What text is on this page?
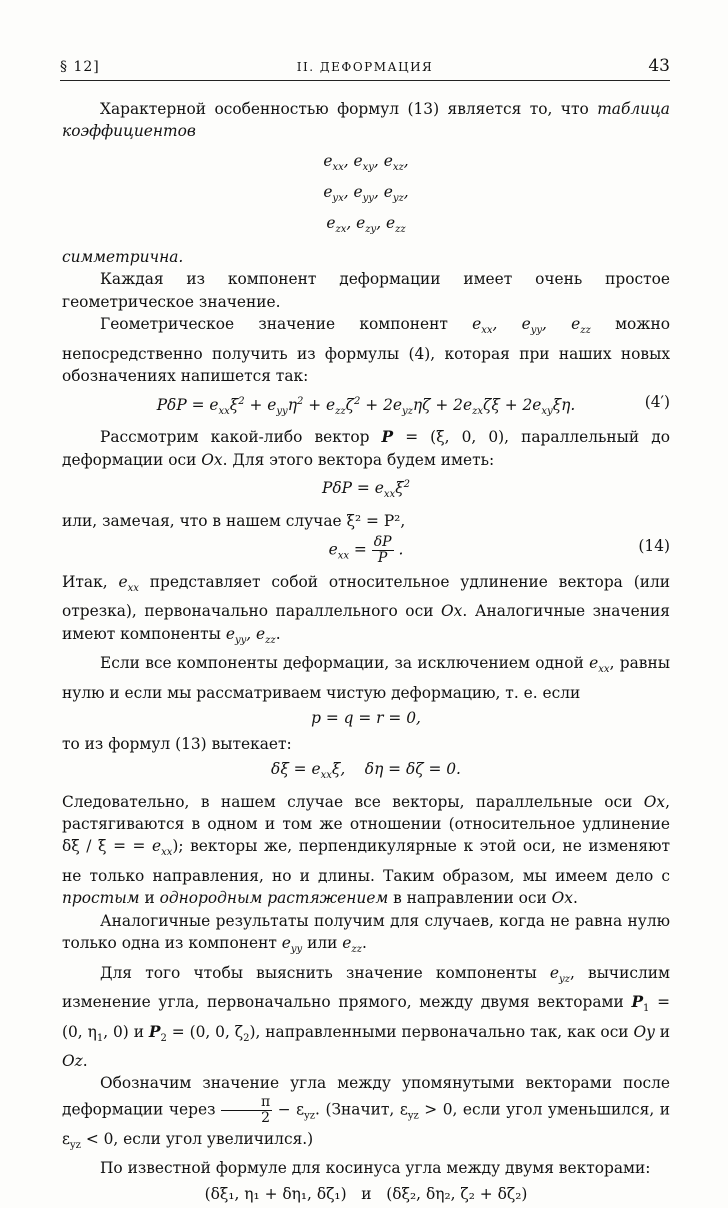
§ 12]	II. ДЕФОРМАЦИЯ	43

Характерной особенностью формул (13) является то, что таблица коэффициентов

$e_{xx}$, $e_{xy}$, $e_{xz}$,
$e_{yx}$, $e_{yy}$, $e_{yz}$,
$e_{zx}$, $e_{zy}$, $e_{zz}$

симметрична.

Каждая из компонент деформации имеет очень простое геометрическое значение.

Геометрическое значение компонент $e_{xx}$, $e_{yy}$, $e_{zz}$ можно непосредственно получить из формулы (4), которая при наших новых обозначениях напишется так:

$P\delta P = e_{xx}\xi^2 + e_{yy}\eta^2 + e_{zz}\zeta^2 + 2e_{yz}\eta\zeta + 2e_{zx}\zeta\xi + 2e_{xy}\xi\eta$.	(4′)

Рассмотрим какой-либо вектор P = (ξ, 0, 0), параллельный до деформации оси Ox. Для этого вектора будем иметь:

$P\delta P = e_{xx}\xi^2$

или, замечая, что в нашем случае ξ² = P²,

$e_{xx} = \frac{\delta P}{P}$ .	(14)

Итак, $e_{xx}$ представляет собой относительное удлинение вектора (или отрезка), первоначально параллельного оси Ox. Аналогичные значения имеют компоненты $e_{yy}$, $e_{zz}$.

Если все компоненты деформации, за исключением одной $e_{xx}$, равны нулю и если мы рассматриваем чистую деформацию, т. е. если

p = q = r = 0,

то из формул (13) вытекает:

$\delta\xi = e_{xx}\xi$,    δη = δζ = 0.

Следовательно, в нашем случае все векторы, параллельные оси Ox, растягиваются в одном и том же отношении (относительное удлинение δξ / ξ = = $e_{xx}$); векторы же, перпендикулярные к этой оси, не изменяют не только направления, но и длины. Таким образом, мы имеем дело с простым и однородным растяжением в направлении оси Ox.

Аналогичные результаты получим для случаев, когда не равна нулю только одна из компонент $e_{yy}$ или $e_{zz}$.

Для того чтобы выяснить значение компоненты $e_{yz}$, вычислим изменение угла, первоначально прямого, между двумя векторами $P_1 = (0$, $\eta_1$, 0) и $P_2 = (0$, 0, $\zeta_2$), направленными первоначально так, как оси Oy и Oz.

Обозначим значение угла между упомянутыми векторами после деформации через $\frac{\pi}{2} - \varepsilon_{yz}$. (Значит, $\varepsilon_{yz} > 0$, если угол уменьшился, и $\varepsilon_{yz} < 0$, если угол увеличился.)

По известной формуле для косинуса угла между двумя векторами:

(δξ₁, η₁ + δη₁, δζ₁) и (δξ₂, δη₂, ζ₂ + δζ₂)
